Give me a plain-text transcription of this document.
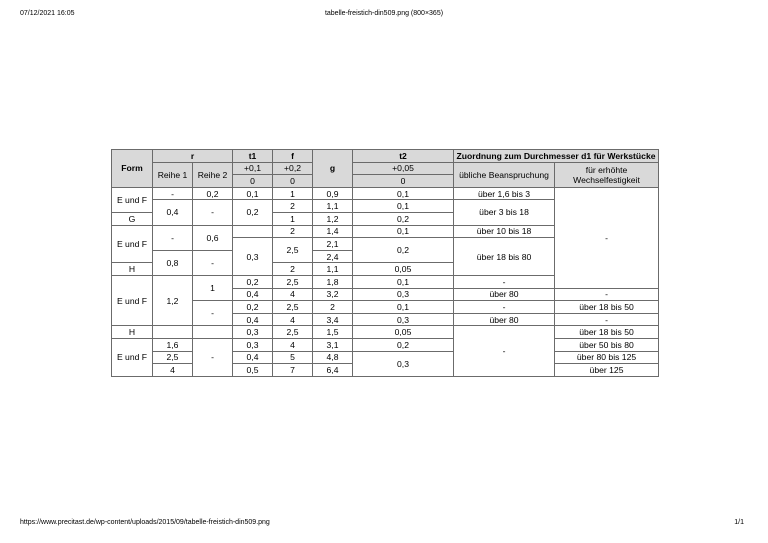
07/12/2021 16:05	tabelle-freistich-din509.png (800×365)
Form	r		t1	f	g	t2	Zuordnung zum Durchmesser d1 für Werkstücke		
	Reihe 1	Reihe 2	+0,1	+0,2		+0,05	übliche Beanspruchung	für erhöhte Wechselfestigkeit	
			0	0		0			
E und F	-	0,2	0,1	1	0,9	0,1	über 1,6 bis 3	-	
	0,4	-	0,2	2	1,1	0,1	über 3 bis 18		
G				1	1,2	0,2			
E und F	-	0,6		2	1,4	0,1	über 10 bis 18		
			0,3	2,5	2,1	0,2	über 18 bis 80		
	0,8	-			2,4				
H				2	1,1	0,05			
E und F	1,2	1	0,2	2,5	1,8	0,1	-	
			0,4	4	3,2	0,3	über 80	-	
		-	0,2	2,5	2	0,1	-	über 18 bis 50	
			0,4	4	3,4	0,3	über 80	-	
H			0,3	2,5	1,5	0,05	-	über 18 bis 50	
E und F	1,6	-	0,3	4	3,1	0,2		über 50 bis 80	
	2,5		0,4	5	4,8	0,3		über 80 bis 125	
	4		0,5	7	6,4			über 125	
https://www.precitast.de/wp-content/uploads/2015/09/tabelle-freistich-din509.png	1/1
